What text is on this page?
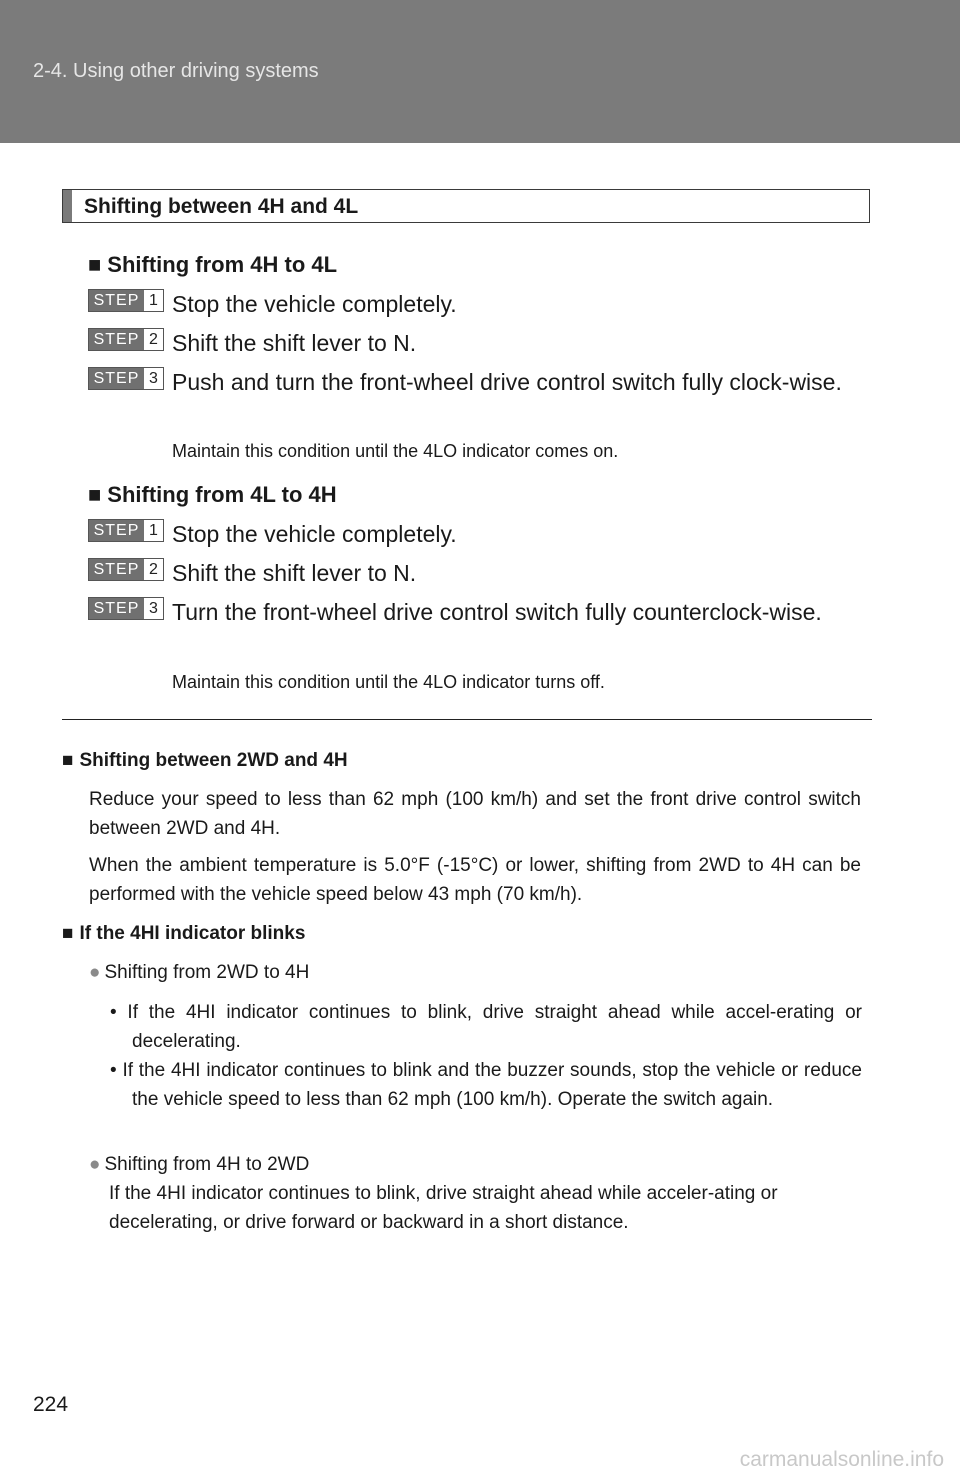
2-4. Using other driving systems
Shifting between 4H and 4L
■ Shifting from 4H to 4L
STEP 1 Stop the vehicle completely.
STEP 2 Shift the shift lever to N.
STEP 3 Push and turn the front-wheel drive control switch fully clock-wise.
Maintain this condition until the 4LO indicator comes on.
■ Shifting from 4L to 4H
STEP 1 Stop the vehicle completely.
STEP 2 Shift the shift lever to N.
STEP 3 Turn the front-wheel drive control switch fully counterclock-wise.
Maintain this condition until the 4LO indicator turns off.
■ Shifting between 2WD and 4H
Reduce your speed to less than 62 mph (100 km/h) and set the front drive control switch between 2WD and 4H.
When the ambient temperature is 5.0°F (-15°C) or lower, shifting from 2WD to 4H can be performed with the vehicle speed below 43 mph (70 km/h).
■ If the 4HI indicator blinks
● Shifting from 2WD to 4H
• If the 4HI indicator continues to blink, drive straight ahead while accel-erating or decelerating.
• If the 4HI indicator continues to blink and the buzzer sounds, stop the vehicle or reduce the vehicle speed to less than 62 mph (100 km/h). Operate the switch again.
● Shifting from 4H to 2WD
If the 4HI indicator continues to blink, drive straight ahead while acceler-ating or decelerating, or drive forward or backward in a short distance.
224
carmanualsonline.info
